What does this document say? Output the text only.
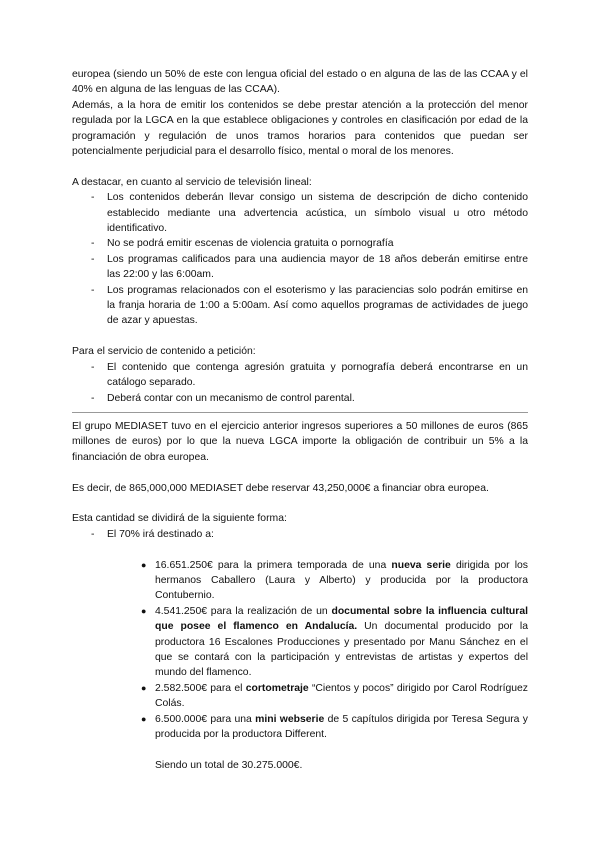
europea (siendo un 50% de este con lengua oficial del estado o en alguna de las de las CCAA y el 40% en alguna de las lenguas de las CCAA).

Además, a la hora de emitir los contenidos se debe prestar atención a la protección del menor regulada por la LGCA en la que establece obligaciones y controles en clasificación por edad de la programación y regulación de unos tramos horarios para contenidos que puedan ser potencialmente perjudicial para el desarrollo físico, mental o moral de los menores.

A destacar, en cuanto al servicio de televisión lineal:

- Los contenidos deberán llevar consigo un sistema de descripción de dicho contenido establecido mediante una advertencia acústica, un símbolo visual u otro método identificativo.
- No se podrá emitir escenas de violencia gratuita o pornografía
- Los programas calificados para una audiencia mayor de 18 años deberán emitirse entre las 22:00 y las 6:00am.
- Los programas relacionados con el esoterismo y las paraciencias solo podrán emitirse en la franja horaria de 1:00 a 5:00am. Así como aquellos programas de actividades de juego de azar y apuestas.

Para el servicio de contenido a petición:

- El contenido que contenga agresión gratuita y pornografía deberá encontrarse en un catálogo separado.
- Deberá contar con un mecanismo de control parental.

El grupo MEDIASET tuvo en el ejercicio anterior ingresos superiores a 50 millones de euros (865 millones de euros) por lo que la nueva LGCA importe la obligación de contribuir un 5% a la financiación de obra europea.

Es decir, de 865,000,000 MEDIASET debe reservar 43,250,000€ a financiar obra europea.

Esta cantidad se dividirá de la siguiente forma:

- El 70% irá destinado a:
● 16.651.250€ para la primera temporada de una nueva serie dirigida por los hermanos Caballero (Laura y Alberto) y producida por la productora Contubernio.
● 4.541.250€ para la realización de un documental sobre la influencia cultural que posee el flamenco en Andalucía. Un documental producido por la productora 16 Escalones Producciones y presentado por Manu Sánchez en el que se contará con la participación y entrevistas de artistas y expertos del mundo del flamenco.
● 2.582.500€ para el cortometraje “Cientos y pocos” dirigido por Carol Rodríguez Colás.
● 6.500.000€ para una mini webserie de 5 capítulos dirigida por Teresa Segura y producida por la productora Different.

Siendo un total de 30.275.000€.
